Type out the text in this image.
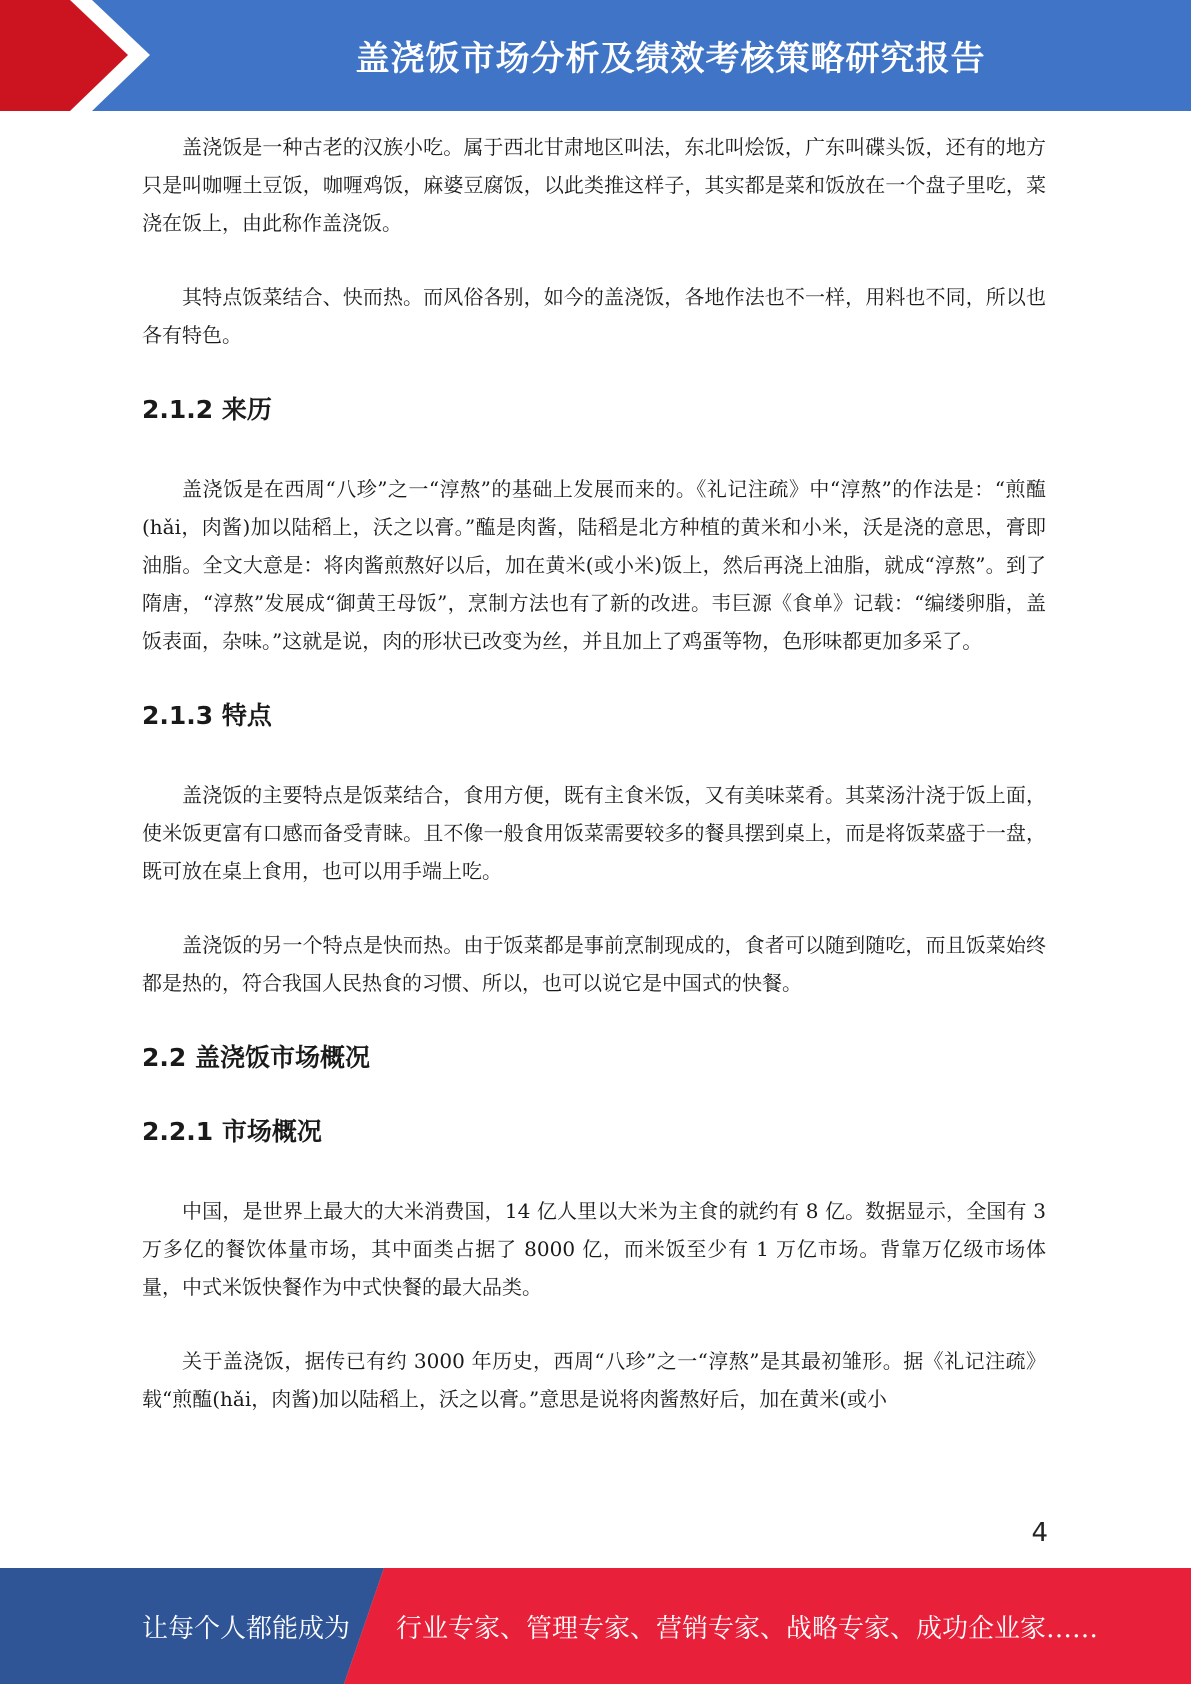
盖浇饭市场分析及绩效考核策略研究报告

盖浇饭是一种古老的汉族小吃。属于西北甘肃地区叫法，东北叫烩饭，广东叫碟头饭，还有的地方只是叫咖喱土豆饭，咖喱鸡饭，麻婆豆腐饭，以此类推这样子，其实都是菜和饭放在一个盘子里吃，菜浇在饭上，由此称作盖浇饭。

其特点饭菜结合、快而热。而风俗各别，如今的盖浇饭，各地作法也不一样，用料也不同，所以也各有特色。

2.1.2 来历

盖浇饭是在西周“八珍”之一“淳熬”的基础上发展而来的。《礼记注疏》中“淳熬”的作法是：“煎醢(hǎi，肉酱)加以陆稻上，沃之以膏。”醢是肉酱，陆稻是北方种植的黄米和小米，沃是浇的意思，膏即油脂。全文大意是：将肉酱煎熬好以后，加在黄米(或小米)饭上，然后再浇上油脂，就成“淳熬”。到了隋唐，“淳熬”发展成“御黄王母饭”，烹制方法也有了新的改进。韦巨源《食单》记载：“编缕卵脂，盖饭表面，杂味。”这就是说，肉的形状已改变为丝，并且加上了鸡蛋等物，色形味都更加多采了。

2.1.3 特点

盖浇饭的主要特点是饭菜结合，食用方便，既有主食米饭，又有美味菜肴。其菜汤汁浇于饭上面，使米饭更富有口感而备受青睐。且不像一般食用饭菜需要较多的餐具摆到桌上，而是将饭菜盛于一盘，既可放在桌上食用，也可以用手端上吃。

盖浇饭的另一个特点是快而热。由于饭菜都是事前烹制现成的，食者可以随到随吃，而且饭菜始终都是热的，符合我国人民热食的习惯、所以，也可以说它是中国式的快餐。

2.2 盖浇饭市场概况
2.2.1 市场概况

中国，是世界上最大的大米消费国，14 亿人里以大米为主食的就约有 8 亿。数据显示，全国有 3 万多亿的餐饮体量市场，其中面类占据了 8000 亿，而米饭至少有 1 万亿市场。背靠万亿级市场体量，中式米饭快餐作为中式快餐的最大品类。

关于盖浇饭，据传已有约 3000 年历史，西周“八珍”之一“淳熬”是其最初雏形。据《礼记注疏》载“煎醢(hǎi，肉酱)加以陆稻上，沃之以膏。”意思是说将肉酱熬好后，加在黄米(或小

4
让每个人都能成为 行业专家、管理专家、营销专家、战略专家、成功企业家……
